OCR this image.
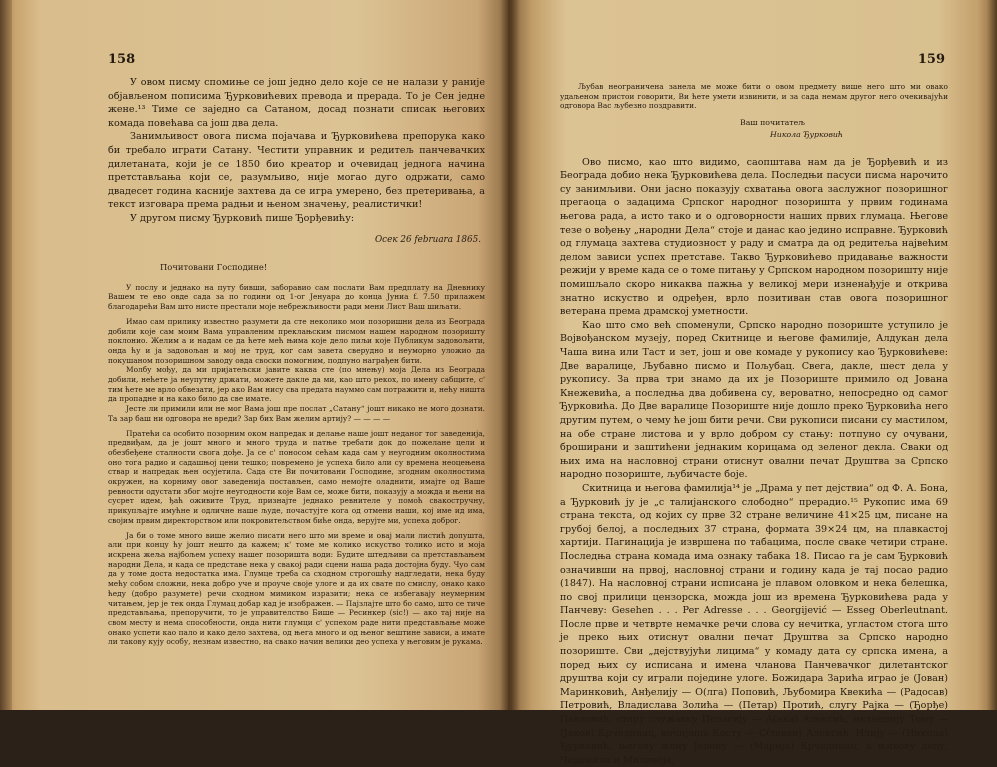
158

У овом писму спомиње се још једно дело које се не налази у раније објављеном пописима Ђурковићевих превода и прерада. То је Сен једне жене.¹³ Тиме се заједно са Сатаном, досад познати списак његових комада повећава са још два дела.

Занимљивост овога писма појачава и Ђурковићева препорука како би требало играти Сатану. Честити управник и редитељ панчевачких дилетаната, који је се 1850 био креатор и очевидац једнога начина претстављања који се, разумљиво, није могао дуго одржати, само двадесет година касније захтева да се игра умерено, без претеривања, а текст изговара према радњи и њеном значењу, реалистички!

У другом писму Ђурковић пише Ђорђевићу:

Осек 26 februara 1865.

Почитовани Господине!

У послу и једнако на путу бивши, заборавио сам послати Вам предплату на Дневнику Вашем те ево овде сада за по години од 1-ог Јенуара до конца Јуниа f. 7.50 прилажем благодарећи Вам што нисте престали моје небрежљивости ради мени Лист Ваш шиљати.

Имао сам прилику известно разумети да сте неколико мои позоришни дела из Београда добили које сам моим Вама управленим преклањским писмом нашем народном позоришту поклонио. Желим а и надам се да ћете мећ њима које дело пиљи које Публикум задовољити, онда ћу и ја задовољан и мој не труд, ког сам завета сверудно и неуморно уложио да покушаном позоришном заводу овда своски помогним, подпуно награђен бити.

Молбу мођу, да ми пријатељски јавите каква сте (по мнењу) моја Дела из Београда добили, нећете ја неупутну држати, можете дакле да ми, као што рекох, по имену сабщите, с' тим ћете ме врло обвезати, јер ако Вам нису сва предата науммо сам потражити и, нећу ништа да пропадне и на како било да све имате.

Јесте ли примили или не мог Вама још пре послат „Сатану“ јошт никако не мого дознати. Та зар баш ни одговора не вреди? Зар бих Вам желим артију? — — — —

Пратећи са особито позорним оком напредак и делање наше јошт неданог тог заведенија, предвиђам, да је јошт много и много труда и патње требати док до пожелане цели и обезбеђене сталности свога дође. Ја се с' поносом сећам када сам у неугодним околностима оно тога радио и садашњој цени тешко; повремено је успеха било али су времена неоцењена ствар и напредак њен осујетила. Сада сте Ви почитовани Господине, згодним околностима окружен, на корниму овог заведенија постављен, само немојте оладнити, имајте од Ваше ревности одустати због мојте неугодности које Вам се, може бити, показују а можда и њени на сусрет идем, ђаћ оживите Труд, признајте једнако ревнителе у помоћ свакостручну, прикупљајте имућне и одличне наше људе, почастујте кога од отмени наши, кој име ид има, својим првим директорством или покровитељством биће онда, верујте ми, успеха доброг.

Ја би о томе много више желио писати него што ми време и овај мали листић допушта, али при концу ћу јошт нешто да кажем; к' томе ме колико искуство толико исто и моја искрена жеља најбољем успеху нашег позоришта води: Будите штедљиви са претстављањем народни Дела, и када се представе нека у свакој ради сцени наша рада достојна буду. Чуо сам да у томе доста недостатка има. Глумце треба са сходном строгошћу надгледати, нека буду мећу собом сложни, нека добро уче и проуче своје улоге и да их свате по смислу, онако како ћеду (добро разумете) речи сходном мимиком изразити; нека се избегавају неумерним читањем, јер је тек онда Глумац добар кад је изображен. — Пајзлајте што бо само, што се тиче представљања, препоручити, то је управителство Бише — Ресинкер (sic!) — ако тај није на свом месту и нема способности, онда нити глумци с' успехом раде нити представљање може онако успети као пало и како дело захтева, од њега много и од њеног вештине зависи, а имате ли такову кују особу, незнам известно, на свако начин велики део успеха у његовим је рукама.

159

Љубав неограничена занела ме може бити о овом предмету више него што ми овако удаљеном пристои говорити, Ви ћете умети извинити, и за сада немам другог него очекивајући одговора Вас љубезно поздравити.

Ваш почитатељ

Никола Ђурковић

Ово писмо, као што видимо, саопштава нам да је Ђорђевић и из Београда добио нека Ђурковићева дела. Последњи пасуси писма нарочито су занимљиви. Они јасно показују схватања овога заслужног позоришног прегаоца о задацима Српског народног позоришта у првим годинама његова рада, а исто тако и о одговорности наших првих глумаца. Његове тезе о вођењу „народни Дела“ стоје и данас као једино исправне. Ђурковић од глумаца захтева студиозност у раду и сматра да од редитеља највећим делом зависи успех претставе. Такво Ђурковићево придавање важности режији у време када се о томе питању у Српском народном позоришту није помишљало скоро никаква пажња у великој мери изненађује и открива знатно искуство и одређен, врло позитиван став овога позоришног ветерана према драмској уметности.

Као што смо већ споменули, Српско народно позориште уступило је Војвођанском музеју, поред Скитнице и његове фамилије, Алдукан дела Чаша вина или Таст и зет, још и ове комаде у рукопису као Ђурковићеве: Две варалице, Љубавно писмо и Пољубац. Свега, дакле, шест дела у рукопису. За прва три знамо да их је Позориште примило од Јована Кнежевића, а последња два добивена су, вероватно, непосредно од самог Ђурковића. До Две варалице Позориште није дошло преко Ђурковића него другим путем, о чему ће још бити речи. Сви рукописи писани су мастилом, на обе стране листова и у врло добром су стању: потпуно су очувани, броширани и заштићени једнаким корицама од зеленог декла. Сваки од њих има на насловној страни отиснут овални печат Друштва за Српско народно позориште, љубичасте боје.

Скитница и његова фамилија¹⁴ је „Драма у пет дејствиа“ од Ф. А. Бона, а Ђурковић ју је „с талијанского слободно“ прерадио.¹⁵ Рукопис има 69 страна текста, од којих су прве 32 стране величине 41×25 цм, писане на грубој белој, а последњих 37 страна, формата 39×24 цм, на плавкастој хартији. Пагинација је извршена по табацима, после сваке четири стране. Последња страна комада има ознаку табака 18. Писао га је сам Ђурковић означивши на првој, насловној страни и годину када је тај посао радио (1847). На насловној страни исписана је плавом оловком и нека белешка, по свој прилици цензорска, можда још из времена Ђурковићева рада у Панчеву: Gesehen . . . Per Adresse . . . Georgijević — Esseg Oberleutnant. После прве и четврте немачке речи слова су нечитка, угластом стога што је преко њих отиснут овални печат Друштва за Српско народно позориште. Сви „дејствујући лицима“ у комаду дата су српска имена, а поред њих су исписана и имена чланова Панчевачког дилетантског друштва који су играли поједине улоге. Божидара Зарића играо је (Јован) Маринковић, Анђелију — О(лга) Поповић, Љубомира Квекића — (Радосав) Петровић, Владислава Золића — (Петар) Протић, слугу Рајка — (Ђорђе) Павловић, стару служавку Пелагију — А(нка) Алексић, механџију Тому — (Јаков) Крчединац, кочијаша Косту — С(теван) Алексић, Илију — (Никола) Ђурковић, његову жену Јелену — (Марија) Крчединац, а њихову децу, Чедомила и Миливоја,
